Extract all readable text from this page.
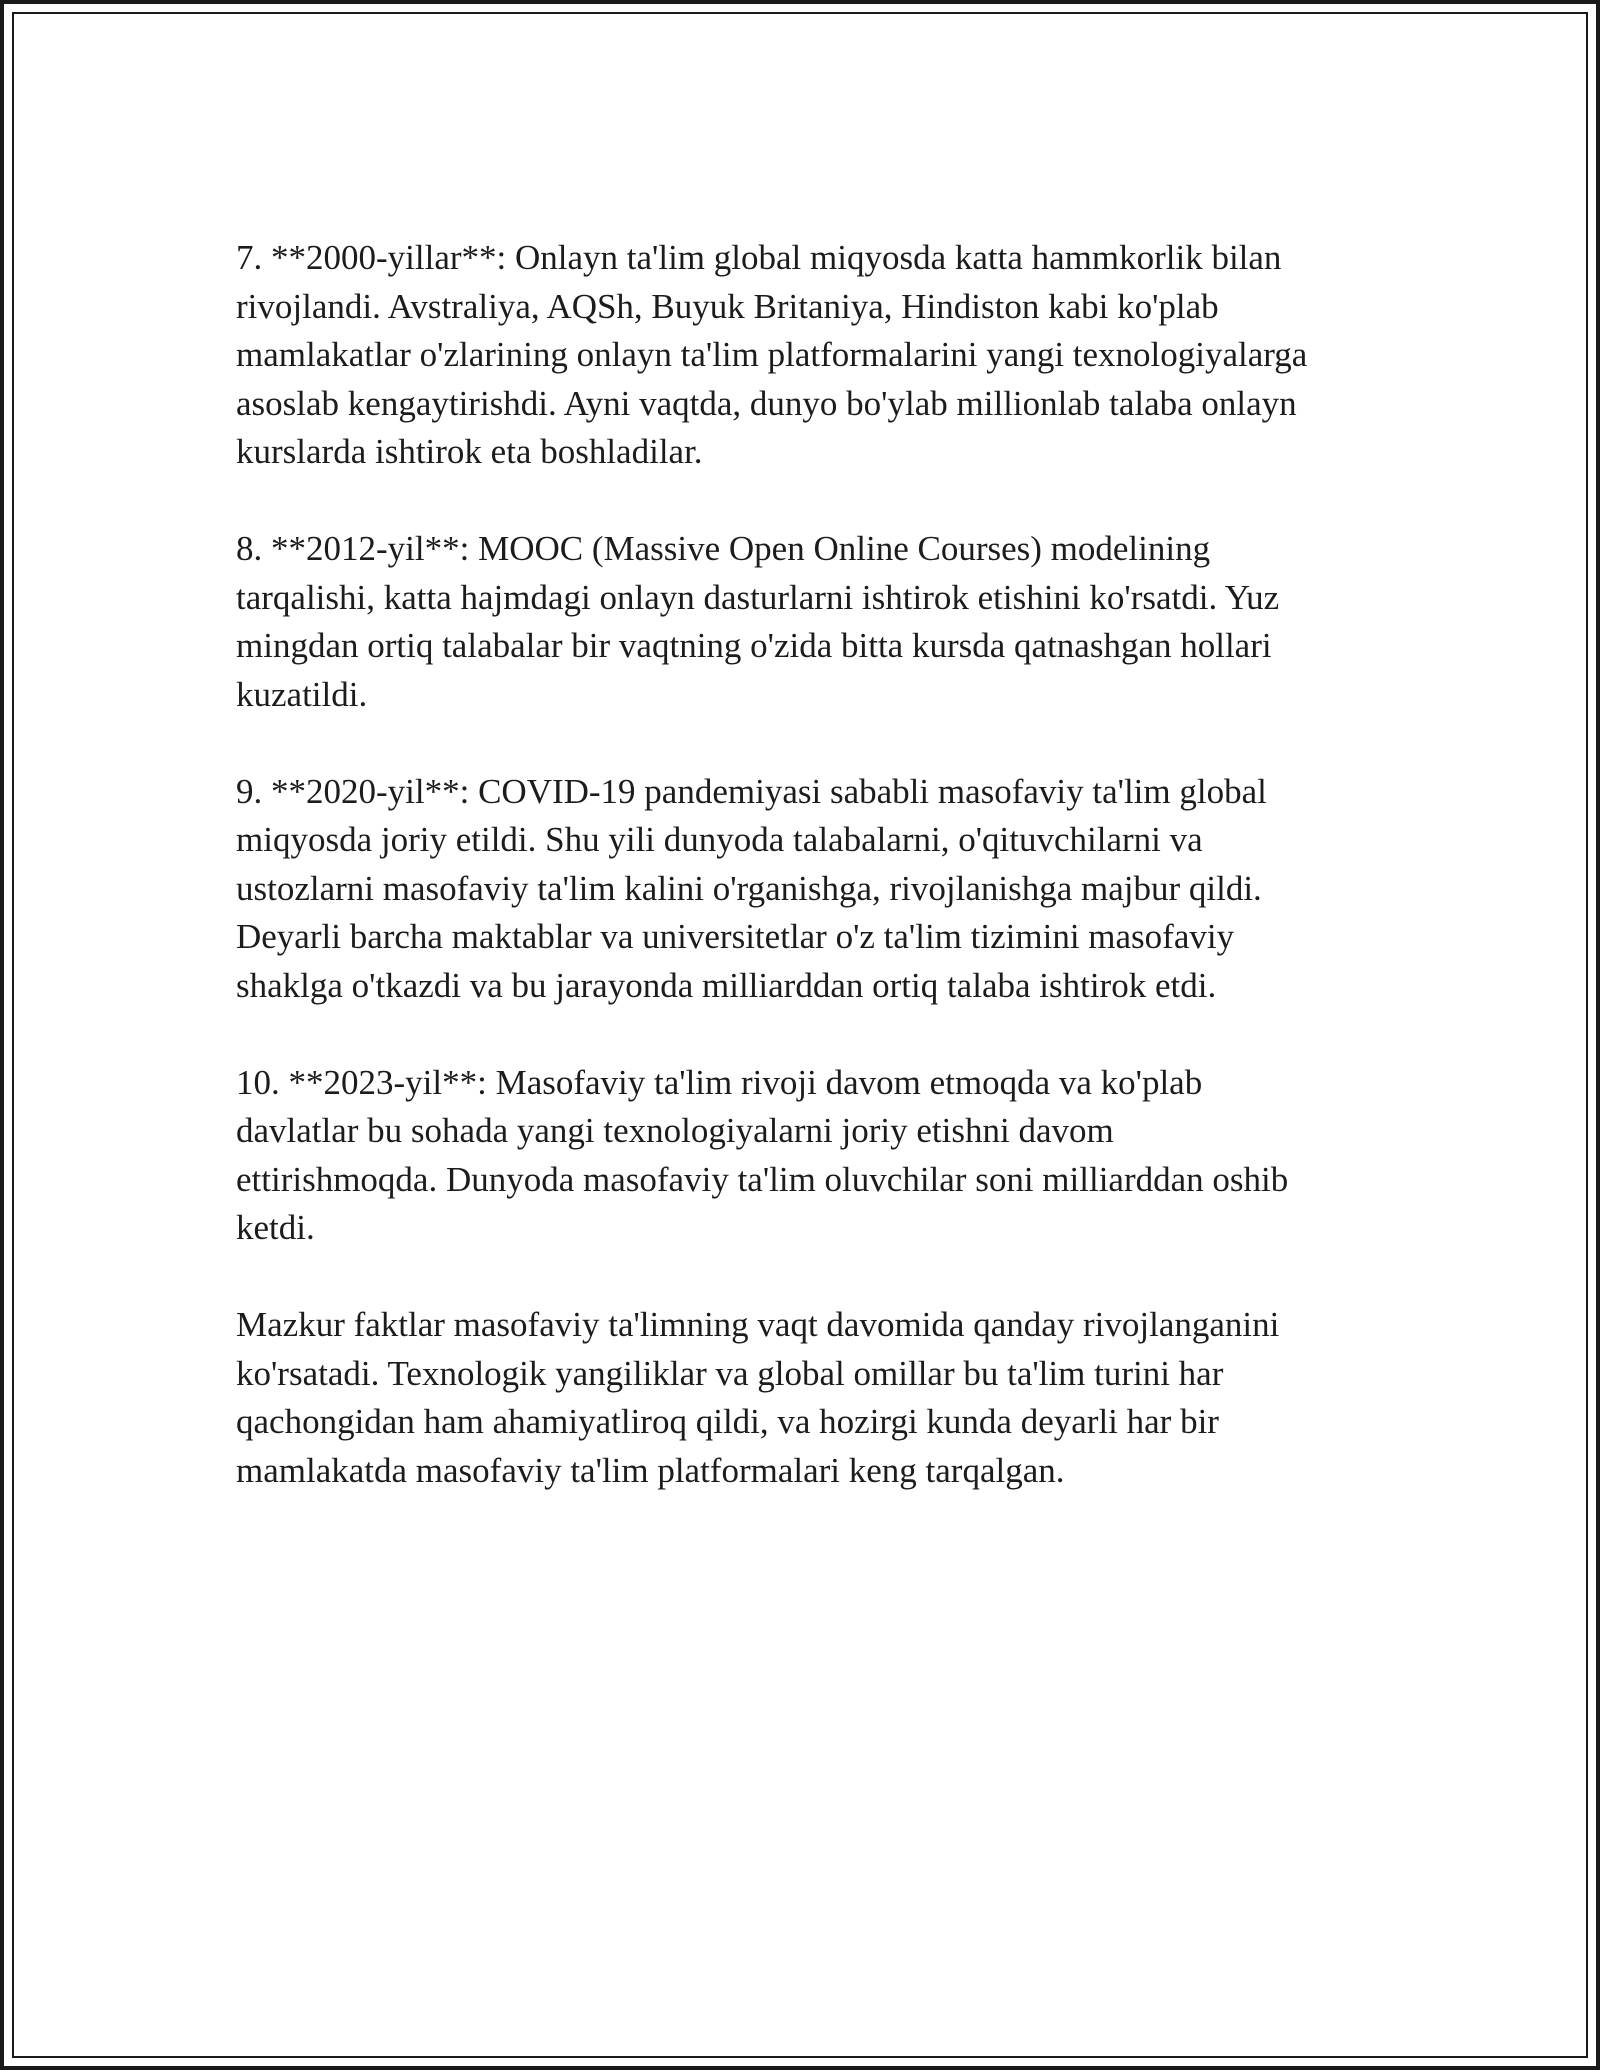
7. **2000-yillar**: Onlayn ta'lim global miqyosda katta hammkorlik bilan
rivojlandi. Avstraliya, AQSh, Buyuk Britaniya, Hindiston kabi ko'plab
mamlakatlar o'zlarining onlayn ta'lim platformalarini yangi texnologiyalarga
asoslab kengaytirishdi. Ayni vaqtda, dunyo bo'ylab millionlab talaba onlayn
kurslarda ishtirok eta boshladilar.

8. **2012-yil**: MOOC (Massive Open Online Courses) modelining
tarqalishi, katta hajmdagi onlayn dasturlarni ishtirok etishini ko'rsatdi. Yuz
mingdan ortiq talabalar bir vaqtning o'zida bitta kursda qatnashgan hollari
kuzatildi.

9. **2020-yil**: COVID-19 pandemiyasi sababli masofaviy ta'lim global
miqyosda joriy etildi. Shu yili dunyoda talabalarni, o'qituvchilarni va
ustozlarni masofaviy ta'lim kalini o'rganishga, rivojlanishga majbur qildi.
Deyarli barcha maktablar va universitetlar o'z ta'lim tizimini masofaviy
shaklga o'tkazdi va bu jarayonda milliarddan ortiq talaba ishtirok etdi.

10. **2023-yil**: Masofaviy ta'lim rivoji davom etmoqda va ko'plab
davlatlar bu sohada yangi texnologiyalarni joriy etishni davom
ettirishmoqda. Dunyoda masofaviy ta'lim oluvchilar soni milliarddan oshib
ketdi.

Mazkur faktlar masofaviy ta'limning vaqt davomida qanday rivojlanganini
ko'rsatadi. Texnologik yangiliklar va global omillar bu ta'lim turini har
qachongidan ham ahamiyatliroq qildi, va hozirgi kunda deyarli har bir
mamlakatda masofaviy ta'lim platformalari keng tarqalgan.
